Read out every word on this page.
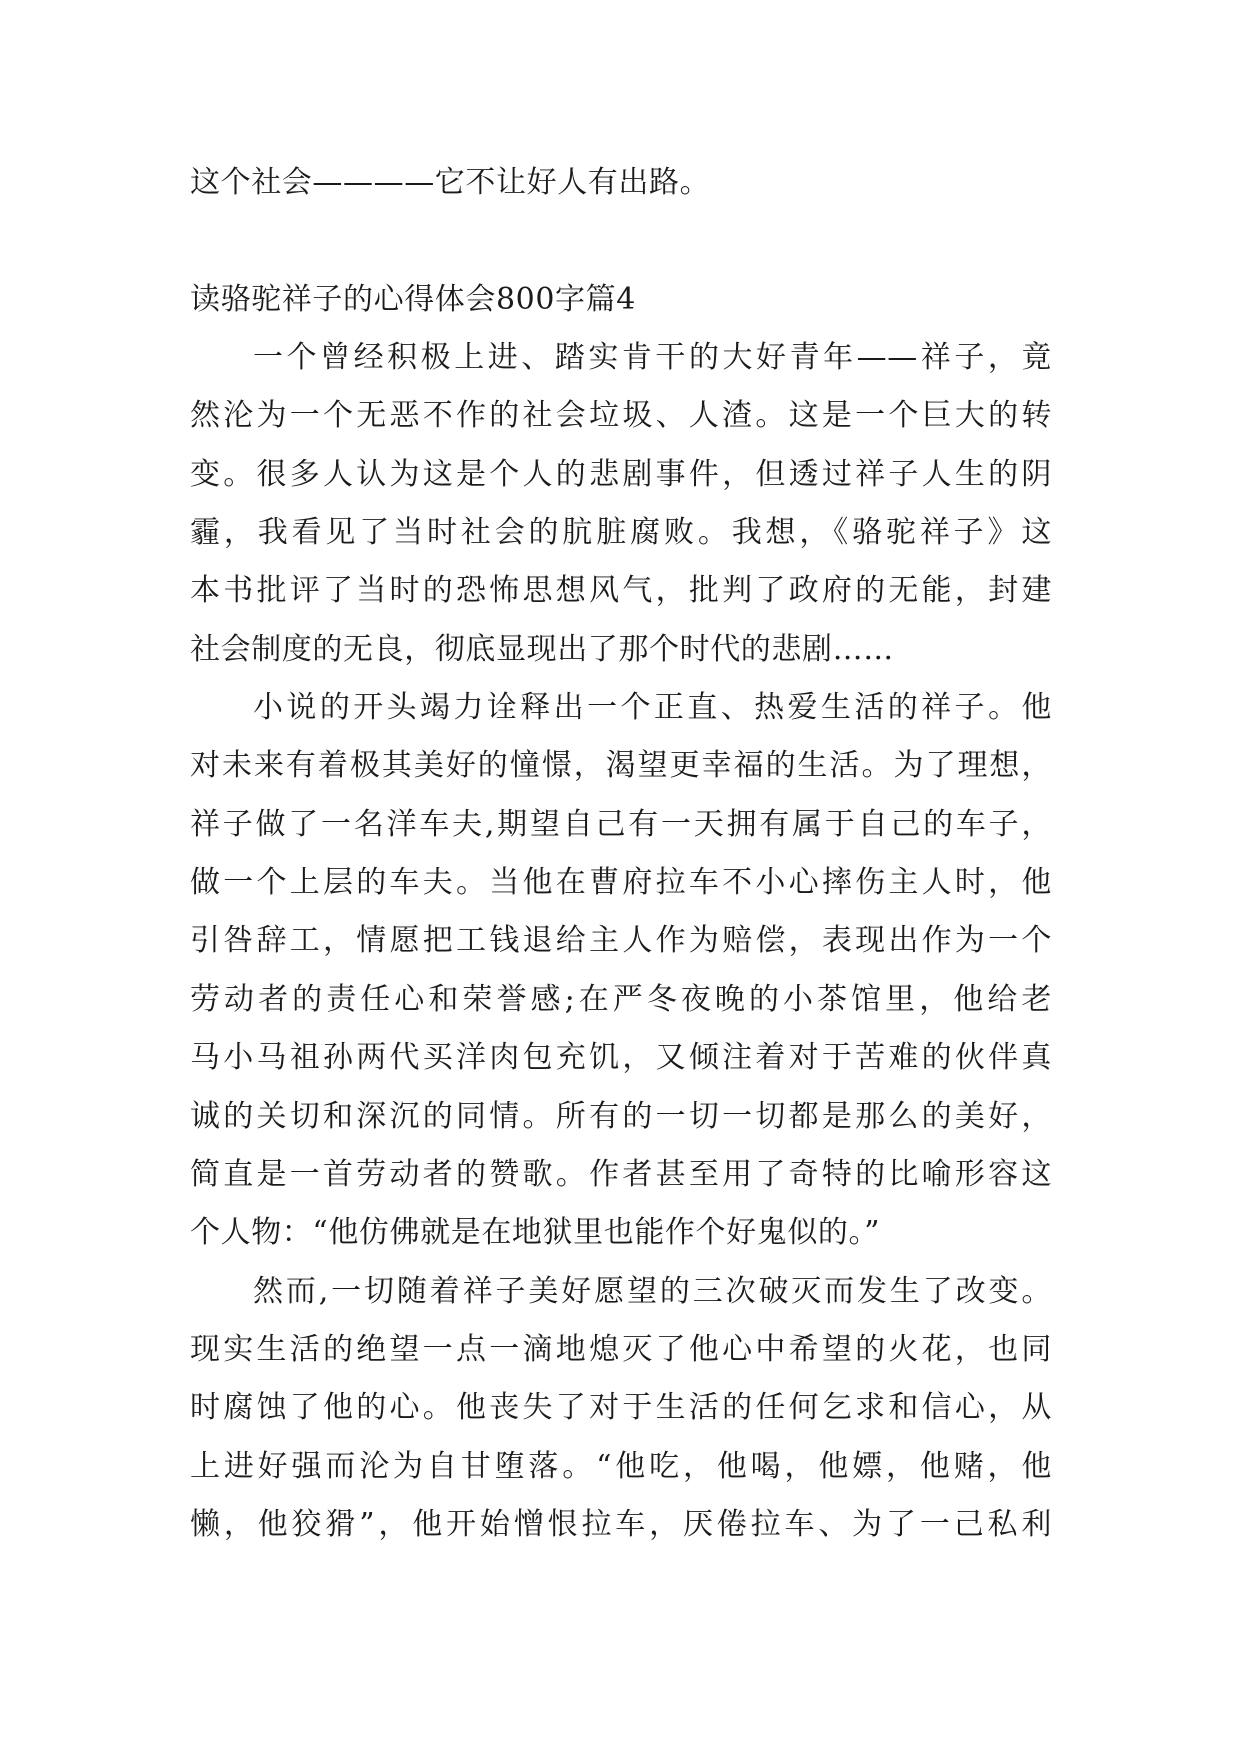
这个社会————它不让好人有出路。
读骆驼祥子的心得体会800字篇4
一个曾经积极上进、踏实肯干的大好青年——祥子，竟
然沦为一个无恶不作的社会垃圾、人渣。这是一个巨大的转
变。很多人认为这是个人的悲剧事件，但透过祥子人生的阴
霾，我看见了当时社会的肮脏腐败。我想，《骆驼祥子》这
本书批评了当时的恐怖思想风气，批判了政府的无能，封建
社会制度的无良，彻底显现出了那个时代的悲剧……
小说的开头竭力诠释出一个正直、热爱生活的祥子。他
对未来有着极其美好的憧憬，渴望更幸福的生活。为了理想，
祥子做了一名洋车夫,期望自己有一天拥有属于自己的车子，
做一个上层的车夫。当他在曹府拉车不小心摔伤主人时，他
引咎辞工，情愿把工钱退给主人作为赔偿，表现出作为一个
劳动者的责任心和荣誉感;在严冬夜晚的小茶馆里，他给老
马小马祖孙两代买洋肉包充饥，又倾注着对于苦难的伙伴真
诚的关切和深沉的同情。所有的一切一切都是那么的美好，
简直是一首劳动者的赞歌。作者甚至用了奇特的比喻形容这
个人物：“他仿佛就是在地狱里也能作个好鬼似的。”
然而,一切随着祥子美好愿望的三次破灭而发生了改变。
现实生活的绝望一点一滴地熄灭了他心中希望的火花，也同
时腐蚀了他的心。他丧失了对于生活的任何乞求和信心，从
上进好强而沦为自甘堕落。“他吃，他喝，他嫖，他赌，他
懒，他狡猾”，他开始憎恨拉车，厌倦拉车、为了一己私利
